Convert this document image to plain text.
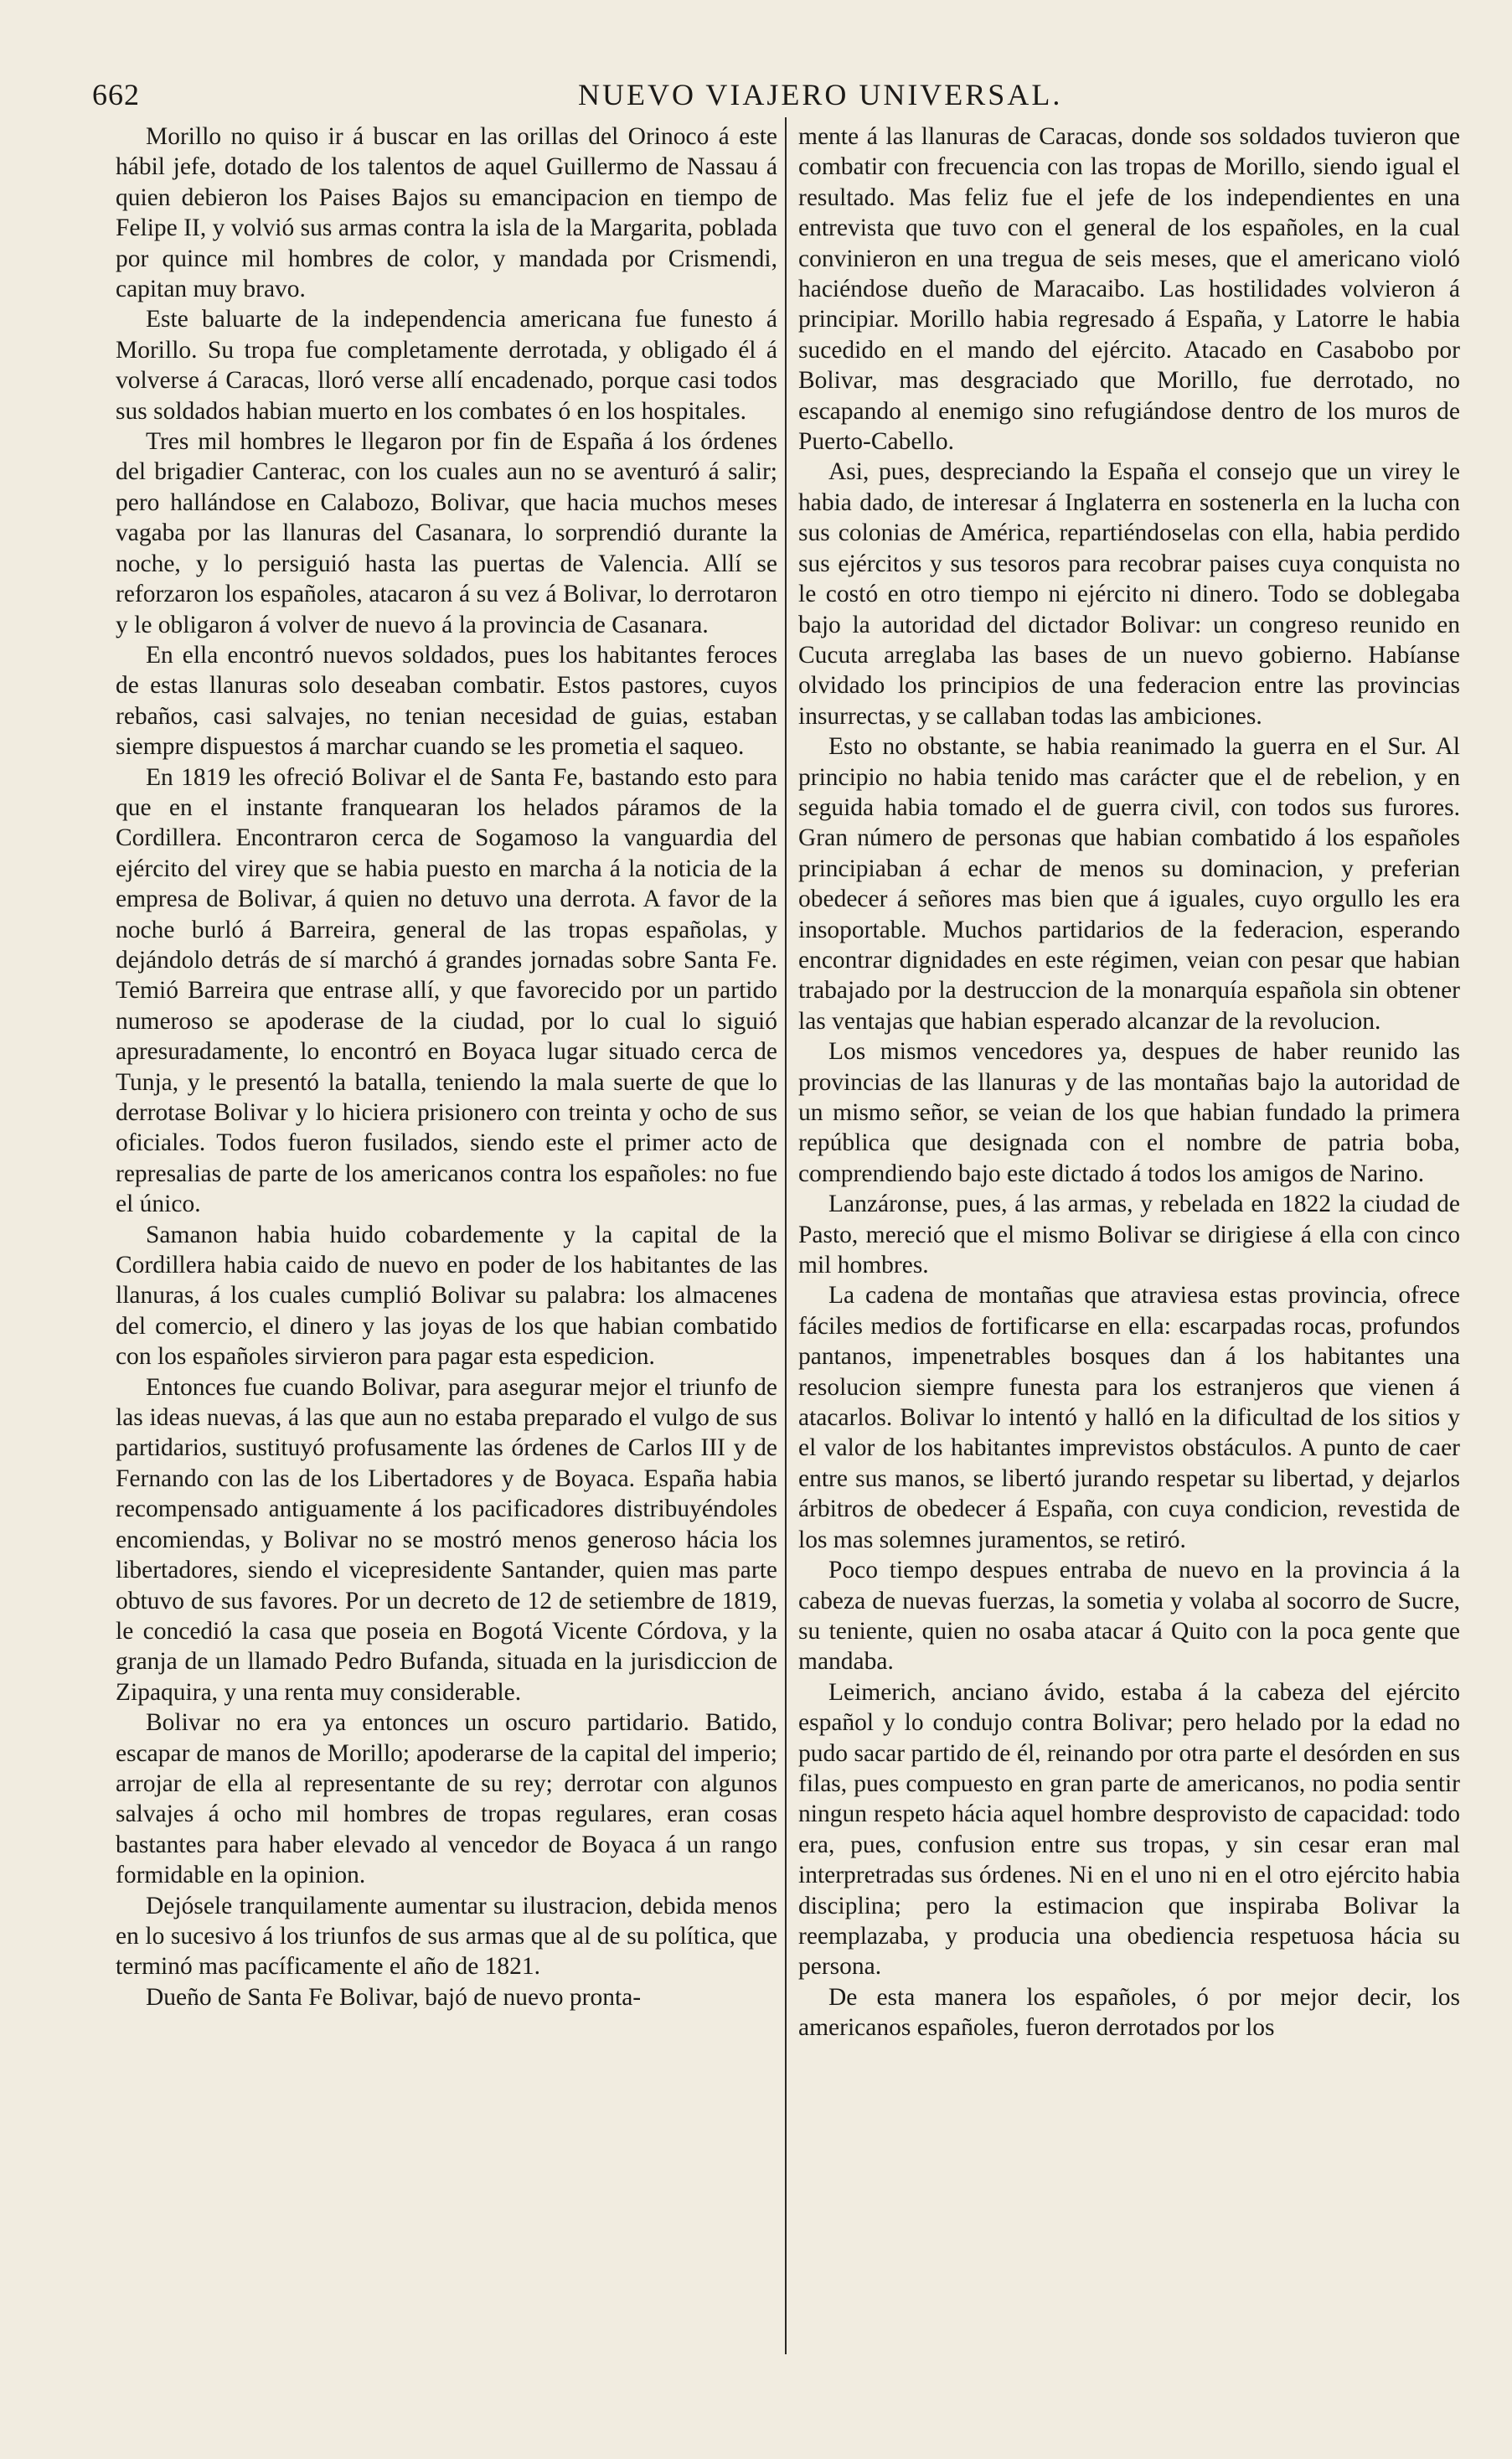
662	NUEVO VIAJERO UNIVERSAL.

Morillo no quiso ir á buscar en las orillas del Orinoco á este hábil jefe, dotado de los talentos de aquel Guillermo de Nassau á quien debieron los Paises Bajos su emancipacion en tiempo de Felipe II, y volvió sus armas contra la isla de la Margarita, poblada por quince mil hombres de color, y mandada por Crismendi, capitan muy bravo.

Este baluarte de la independencia americana fue funesto á Morillo. Su tropa fue completamente derrotada, y obligado él á volverse á Caracas, lloró verse allí encadenado, porque casi todos sus soldados habian muerto en los combates ó en los hospitales.

Tres mil hombres le llegaron por fin de España á los órdenes del brigadier Canterac, con los cuales aun no se aventuró á salir; pero hallándose en Calabozo, Bolivar, que hacia muchos meses vagaba por las llanuras del Casanara, lo sorprendió durante la noche, y lo persiguió hasta las puertas de Valencia. Allí se reforzaron los españoles, atacaron á su vez á Bolivar, lo derrotaron y le obligaron á volver de nuevo á la provincia de Casanara.

En ella encontró nuevos soldados, pues los habitantes feroces de estas llanuras solo deseaban combatir. Estos pastores, cuyos rebaños, casi salvajes, no tenian necesidad de guias, estaban siempre dispuestos á marchar cuando se les prometia el saqueo.

En 1819 les ofreció Bolivar el de Santa Fe, bastando esto para que en el instante franquearan los helados páramos de la Cordillera. Encontraron cerca de Sogamoso la vanguardia del ejército del virey que se habia puesto en marcha á la noticia de la empresa de Bolivar, á quien no detuvo una derrota. A favor de la noche burló á Barreira, general de las tropas españolas, y dejándolo detrás de sí marchó á grandes jornadas sobre Santa Fe. Temió Barreira que entrase allí, y que favorecido por un partido numeroso se apoderase de la ciudad, por lo cual lo siguió apresuradamente, lo encontró en Boyaca lugar situado cerca de Tunja, y le presentó la batalla, teniendo la mala suerte de que lo derrotase Bolivar y lo hiciera prisionero con treinta y ocho de sus oficiales. Todos fueron fusilados, siendo este el primer acto de represalias de parte de los americanos contra los españoles: no fue el único.

Samanon habia huido cobardemente y la capital de la Cordillera habia caido de nuevo en poder de los habitantes de las llanuras, á los cuales cumplió Bolivar su palabra: los almacenes del comercio, el dinero y las joyas de los que habian combatido con los españoles sirvieron para pagar esta espedicion.

Entonces fue cuando Bolivar, para asegurar mejor el triunfo de las ideas nuevas, á las que aun no estaba preparado el vulgo de sus partidarios, sustituyó profusamente las órdenes de Carlos III y de Fernando con las de los Libertadores y de Boyaca. España habia recompensado antiguamente á los pacificadores distribuyéndoles encomiendas, y Bolivar no se mostró menos generoso hácia los libertadores, siendo el vicepresidente Santander, quien mas parte obtuvo de sus favores. Por un decreto de 12 de setiembre de 1819, le concedió la casa que poseia en Bogotá Vicente Córdova, y la granja de un llamado Pedro Bufanda, situada en la jurisdiccion de Zipaquira, y una renta muy considerable.

Bolivar no era ya entonces un oscuro partidario. Batido, escapar de manos de Morillo; apoderarse de la capital del imperio; arrojar de ella al representante de su rey; derrotar con algunos salvajes á ocho mil hombres de tropas regulares, eran cosas bastantes para haber elevado al vencedor de Boyaca á un rango formidable en la opinion.

Dejósele tranquilamente aumentar su ilustracion, debida menos en lo sucesivo á los triunfos de sus armas que al de su política, que terminó mas pacíficamente el año de 1821.

Dueño de Santa Fe Bolivar, bajó de nuevo pronta-

mente á las llanuras de Caracas, donde sos soldados tuvieron que combatir con frecuencia con las tropas de Morillo, siendo igual el resultado. Mas feliz fue el jefe de los independientes en una entrevista que tuvo con el general de los españoles, en la cual convinieron en una tregua de seis meses, que el americano violó haciéndose dueño de Maracaibo. Las hostilidades volvieron á principiar. Morillo habia regresado á España, y Latorre le habia sucedido en el mando del ejército. Atacado en Casabobo por Bolivar, mas desgraciado que Morillo, fue derrotado, no escapando al enemigo sino refugiándose dentro de los muros de Puerto-Cabello.

Asi, pues, despreciando la España el consejo que un virey le habia dado, de interesar á Inglaterra en sostenerla en la lucha con sus colonias de América, repartiéndoselas con ella, habia perdido sus ejércitos y sus tesoros para recobrar paises cuya conquista no le costó en otro tiempo ni ejército ni dinero. Todo se doblegaba bajo la autoridad del dictador Bolivar: un congreso reunido en Cucuta arreglaba las bases de un nuevo gobierno. Habíanse olvidado los principios de una federacion entre las provincias insurrectas, y se callaban todas las ambiciones.

Esto no obstante, se habia reanimado la guerra en el Sur. Al principio no habia tenido mas carácter que el de rebelion, y en seguida habia tomado el de guerra civil, con todos sus furores. Gran número de personas que habian combatido á los españoles principiaban á echar de menos su dominacion, y preferian obedecer á señores mas bien que á iguales, cuyo orgullo les era insoportable. Muchos partidarios de la federacion, esperando encontrar dignidades en este régimen, veian con pesar que habian trabajado por la destruccion de la monarquía española sin obtener las ventajas que habian esperado alcanzar de la revolucion.

Los mismos vencedores ya, despues de haber reunido las provincias de las llanuras y de las montañas bajo la autoridad de un mismo señor, se veian de los que habian fundado la primera república que designada con el nombre de patria boba, comprendiendo bajo este dictado á todos los amigos de Narino.

Lanzáronse, pues, á las armas, y rebelada en 1822 la ciudad de Pasto, mereció que el mismo Bolivar se dirigiese á ella con cinco mil hombres.

La cadena de montañas que atraviesa estas provincia, ofrece fáciles medios de fortificarse en ella: escarpadas rocas, profundos pantanos, impenetrables bosques dan á los habitantes una resolucion siempre funesta para los estranjeros que vienen á atacarlos. Bolivar lo intentó y halló en la dificultad de los sitios y el valor de los habitantes imprevistos obstáculos. A punto de caer entre sus manos, se libertó jurando respetar su libertad, y dejarlos árbitros de obedecer á España, con cuya condicion, revestida de los mas solemnes juramentos, se retiró.

Poco tiempo despues entraba de nuevo en la provincia á la cabeza de nuevas fuerzas, la sometia y volaba al socorro de Sucre, su teniente, quien no osaba atacar á Quito con la poca gente que mandaba.

Leimerich, anciano ávido, estaba á la cabeza del ejército español y lo condujo contra Bolivar; pero helado por la edad no pudo sacar partido de él, reinando por otra parte el desórden en sus filas, pues compuesto en gran parte de americanos, no podia sentir ningun respeto hácia aquel hombre desprovisto de capacidad: todo era, pues, confusion entre sus tropas, y sin cesar eran mal interpretradas sus órdenes. Ni en el uno ni en el otro ejército habia disciplina; pero la estimacion que inspiraba Bolivar la reemplazaba, y producia una obediencia respetuosa hácia su persona.

De esta manera los españoles, ó por mejor decir, los americanos españoles, fueron derrotados por los
